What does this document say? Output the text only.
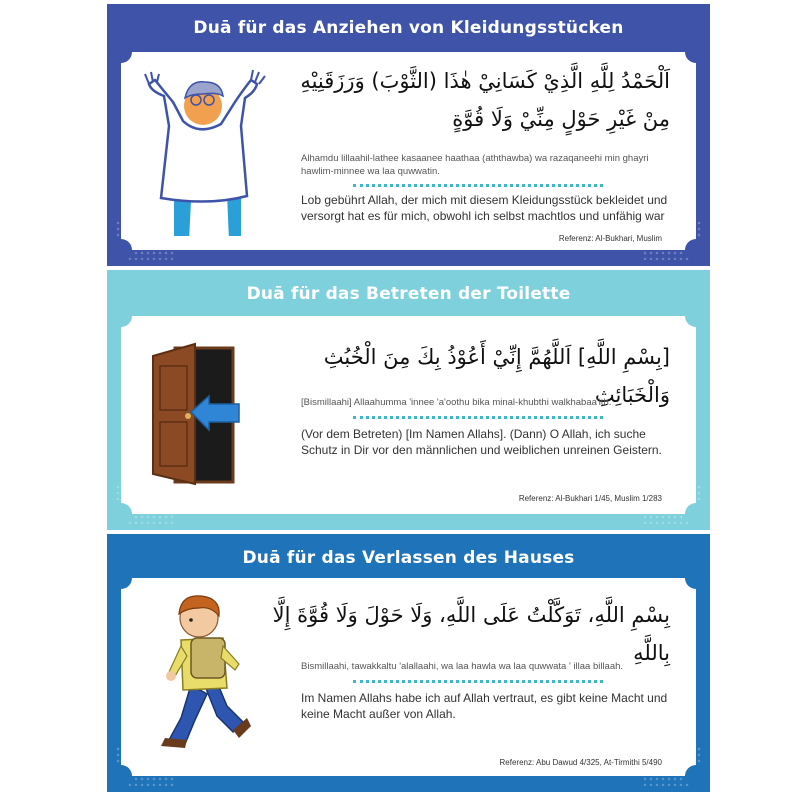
Duā für das Anziehen von Kleidungsstücken
اَلْحَمْدُ لِلَّهِ الَّذِيْ كَسَانِيْ هٰذَا (الثَّوْبَ) وَرَزَقَنِيْهِ
مِنْ غَيْرِ حَوْلٍ مِنِّيْ وَلَا قُوَّةٍ
Alhamdu lillaahil-lathee kasaanee haathaa (aththawba) wa razaqaneehi min ghayri hawlim-minnee wa laa quwwatin.
Lob gebührt Allah, der mich mit diesem Kleidungsstück bekleidet und versorgt hat es für mich, obwohl ich selbst machtlos und unfähig war
Referenz: Al-Bukhari, Muslim
Duā für das Betreten der Toilette
[بِسْمِ اللَّهِ] اَللَّهُمَّ إِنِّيْ أَعُوْذُ بِكَ مِنَ الْخُبُثِ وَالْخَبَائِثِ
[Bismillaahi] Allaahumma 'innee 'a'oothu bika minal-khubthi walkhabaa'ith.
(Vor dem Betreten) [Im Namen Allahs]. (Dann) O Allah, ich suche Schutz in Dir vor den männlichen und weiblichen unreinen Geistern.
Referenz: Al-Bukhari 1/45, Muslim 1/283
Duā für das Verlassen des Hauses
بِسْمِ اللَّهِ، تَوَكَّلْتُ عَلَى اللَّهِ، وَلَا حَوْلَ وَلَا قُوَّةَ إِلَّا بِاللَّهِ
Bismillaahi, tawakkaltu 'alallaahi, wa laa hawla wa laa quwwata ' illaa billaah.
Im Namen Allahs habe ich auf Allah vertraut, es gibt keine Macht und keine Macht außer von Allah.
Referenz: Abu Dawud 4/325, At-Tirmithi 5/490
